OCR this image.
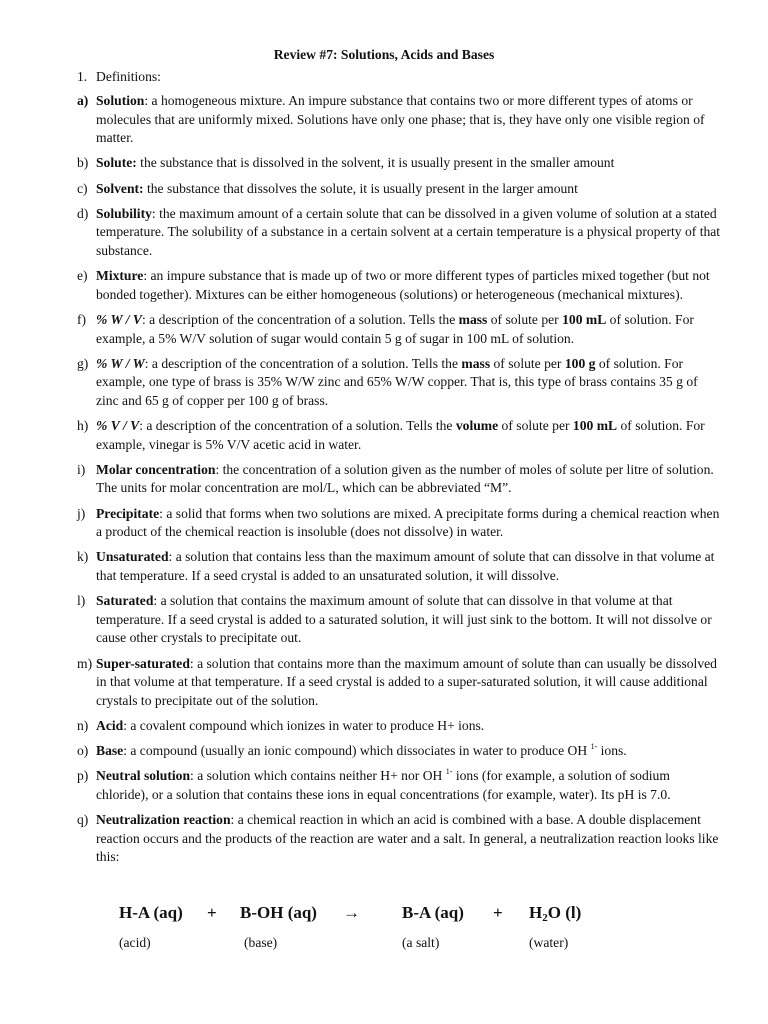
Review #7: Solutions, Acids and Bases
1. Definitions:
a) Solution: a homogeneous mixture. An impure substance that contains two or more different types of atoms or molecules that are uniformly mixed. Solutions have only one phase; that is, they have only one visible region of matter.
b) Solute: the substance that is dissolved in the solvent, it is usually present in the smaller amount
c) Solvent: the substance that dissolves the solute, it is usually present in the larger amount
d) Solubility: the maximum amount of a certain solute that can be dissolved in a given volume of solution at a stated temperature. The solubility of a substance in a certain solvent at a certain temperature is a physical property of that substance.
e) Mixture: an impure substance that is made up of two or more different types of particles mixed together (but not bonded together). Mixtures can be either homogeneous (solutions) or heterogeneous (mechanical mixtures).
f) % W / V: a description of the concentration of a solution. Tells the mass of solute per 100 mL of solution. For example, a 5% W/V solution of sugar would contain 5 g of sugar in 100 mL of solution.
g) % W / W: a description of the concentration of a solution. Tells the mass of solute per 100 g of solution. For example, one type of brass is 35% W/W zinc and 65% W/W copper. That is, this type of brass contains 35 g of zinc and 65 g of copper per 100 g of brass.
h) % V / V: a description of the concentration of a solution. Tells the volume of solute per 100 mL of solution. For example, vinegar is 5% V/V acetic acid in water.
i) Molar concentration: the concentration of a solution given as the number of moles of solute per litre of solution. The units for molar concentration are mol/L, which can be abbreviated “M”.
j) Precipitate: a solid that forms when two solutions are mixed. A precipitate forms during a chemical reaction when a product of the chemical reaction is insoluble (does not dissolve) in water.
k) Unsaturated: a solution that contains less than the maximum amount of solute that can dissolve in that volume at that temperature. If a seed crystal is added to an unsaturated solution, it will dissolve.
l) Saturated: a solution that contains the maximum amount of solute that can dissolve in that volume at that temperature. If a seed crystal is added to a saturated solution, it will just sink to the bottom. It will not dissolve or cause other crystals to precipitate out.
m) Super-saturated: a solution that contains more than the maximum amount of solute than can usually be dissolved in that volume at that temperature. If a seed crystal is added to a super-saturated solution, it will cause additional crystals to precipitate out of the solution.
n) Acid: a covalent compound which ionizes in water to produce H+ ions.
o) Base: a compound (usually an ionic compound) which dissociates in water to produce OH $^{1-}$ ions.
p) Neutral solution: a solution which contains neither H+ nor OH $^{1-}$ ions (for example, a solution of sodium chloride), or a solution that contains these ions in equal concentrations (for example, water). Its pH is 7.0.
q) Neutralization reaction: a chemical reaction in which an acid is combined with a base. A double displacement reaction occurs and the products of the reaction are water and a salt. In general, a neutralization reaction looks like this:
H-A (aq) + B-OH (aq) → B-A $(aq) + H_2O$ (l)
(acid)	(base)	(a salt)	(water)
